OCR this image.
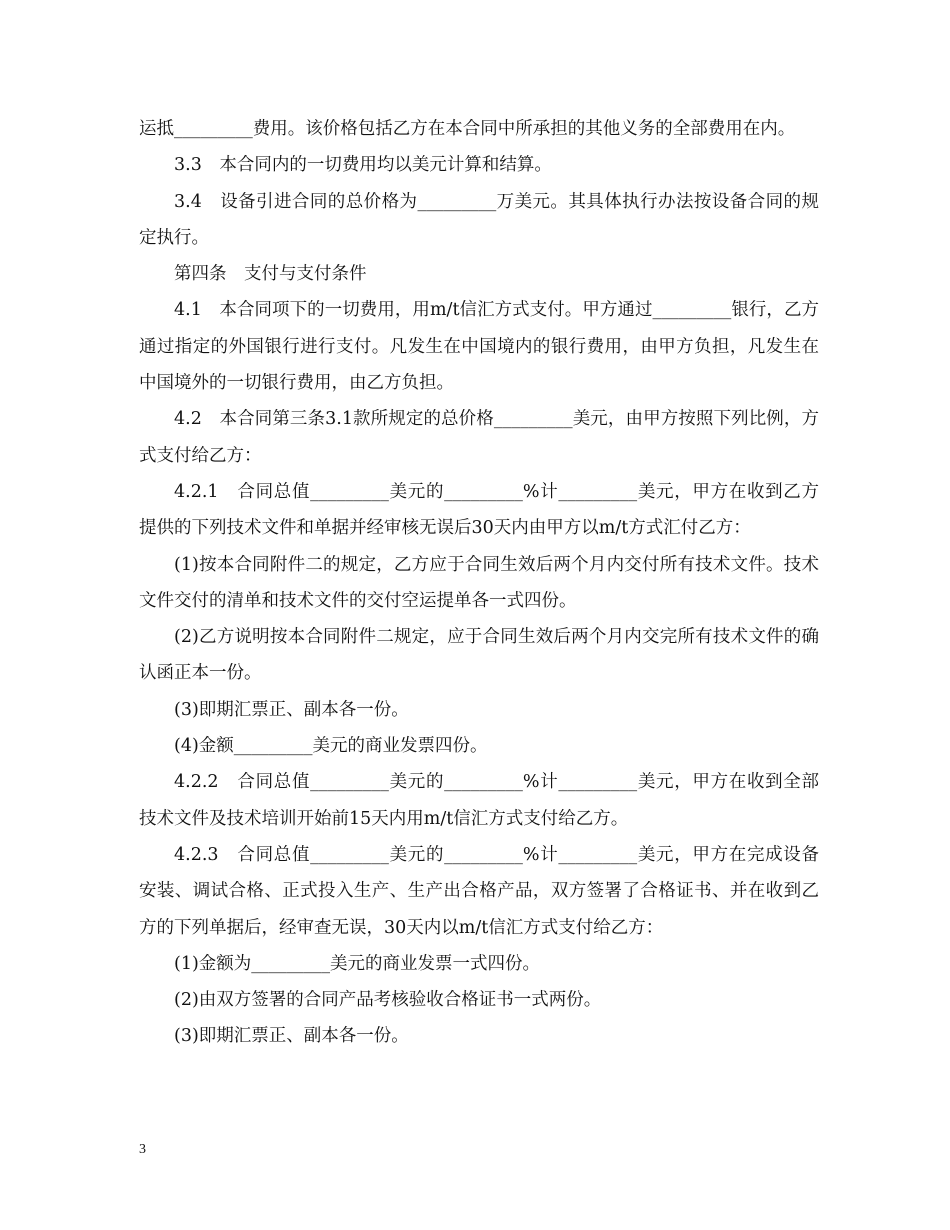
运抵_________费用。该价格包括乙方在本合同中所承担的其他义务的全部费用在内。

3.3　本合同内的一切费用均以美元计算和结算。

3.4　设备引进合同的总价格为_________万美元。其具体执行办法按设备合同的规定执行。

第四条　支付与支付条件

4.1　本合同项下的一切费用，用m/t信汇方式支付。甲方通过_________银行，乙方通过指定的外国银行进行支付。凡发生在中国境内的银行费用，由甲方负担，凡发生在中国境外的一切银行费用，由乙方负担。

4.2　本合同第三条3.1款所规定的总价格_________美元，由甲方按照下列比例，方式支付给乙方：

4.2.1　合同总值_________美元的_________%计_________美元，甲方在收到乙方提供的下列技术文件和单据并经审核无误后30天内由甲方以m/t方式汇付乙方：

(1)按本合同附件二的规定，乙方应于合同生效后两个月内交付所有技术文件。技术文件交付的清单和技术文件的交付空运提单各一式四份。

(2)乙方说明按本合同附件二规定，应于合同生效后两个月内交完所有技术文件的确认函正本一份。

(3)即期汇票正、副本各一份。

(4)金额_________美元的商业发票四份。

4.2.2　合同总值_________美元的_________%计_________美元，甲方在收到全部技术文件及技术培训开始前15天内用m/t信汇方式支付给乙方。

4.2.3　合同总值_________美元的_________%计_________美元，甲方在完成设备安装、调试合格、正式投入生产、生产出合格产品，双方签署了合格证书、并在收到乙方的下列单据后，经审查无误，30天内以m/t信汇方式支付给乙方：

(1)金额为_________美元的商业发票一式四份。

(2)由双方签署的合同产品考核验收合格证书一式两份。

(3)即期汇票正、副本各一份。

3
